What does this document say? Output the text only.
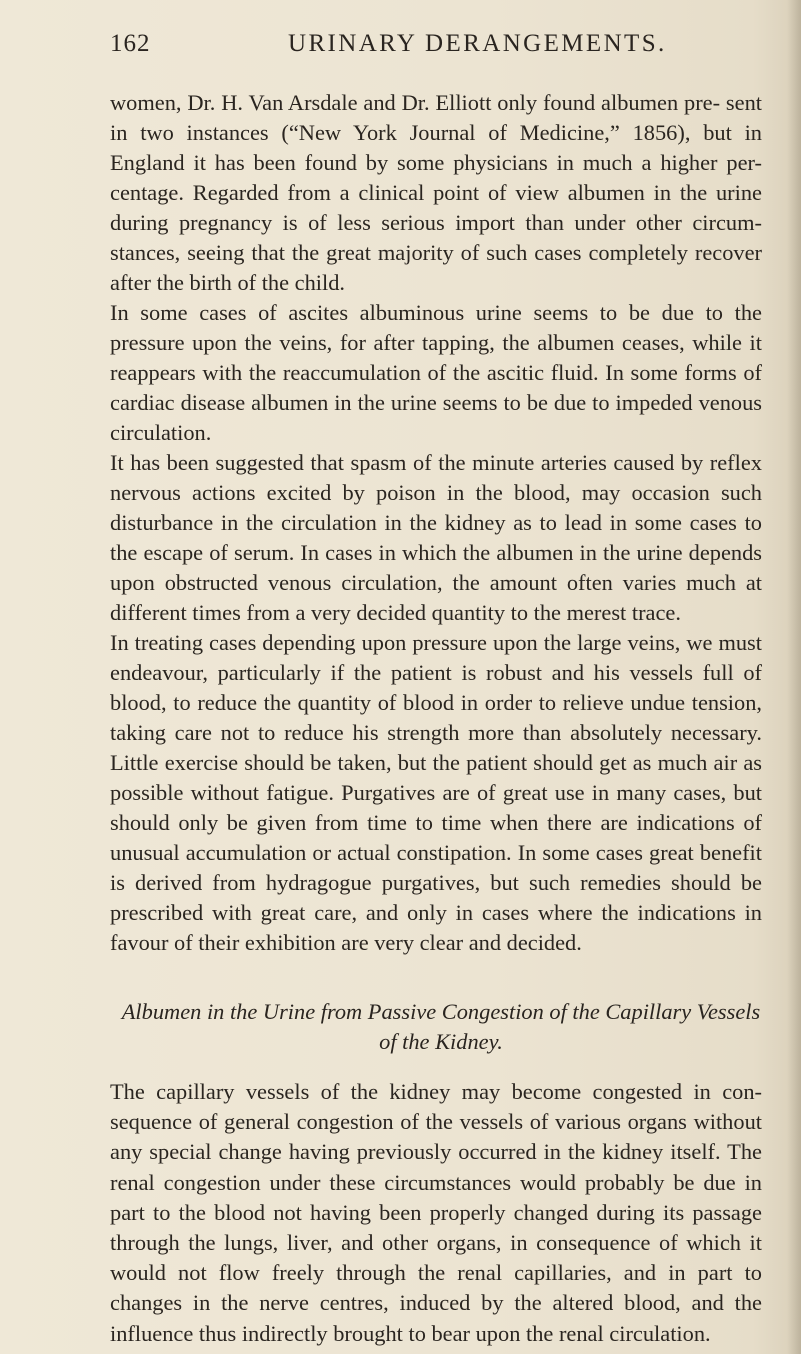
162	URINARY DERANGEMENTS.

women, Dr. H. Van Arsdale and Dr. Elliott only found albumen pre- sent in two instances (“New York Journal of Medicine,” 1856), but in England it has been found by some physicians in much a higher per- centage. Regarded from a clinical point of view albumen in the urine during pregnancy is of less serious import than under other circum- stances, seeing that the great majority of such cases completely recover after the birth of the child.

In some cases of ascites albuminous urine seems to be due to the pressure upon the veins, for after tapping, the albumen ceases, while it reappears with the reaccumulation of the ascitic fluid. In some forms of cardiac disease albumen in the urine seems to be due to impeded venous circulation.

It has been suggested that spasm of the minute arteries caused by reflex nervous actions excited by poison in the blood, may occasion such disturbance in the circulation in the kidney as to lead in some cases to the escape of serum. In cases in which the albumen in the urine depends upon obstructed venous circulation, the amount often varies much at different times from a very decided quantity to the merest trace.

In treating cases depending upon pressure upon the large veins, we must endeavour, particularly if the patient is robust and his vessels full of blood, to reduce the quantity of blood in order to relieve undue tension, taking care not to reduce his strength more than absolutely necessary. Little exercise should be taken, but the patient should get as much air as possible without fatigue. Purgatives are of great use in many cases, but should only be given from time to time when there are indications of unusual accumulation or actual constipation. In some cases great benefit is derived from hydragogue purgatives, but such remedies should be prescribed with great care, and only in cases where the indications in favour of their exhibition are very clear and decided.

Albumen in the Urine from Passive Congestion of the Capillary Vessels
of the Kidney.

The capillary vessels of the kidney may become congested in con- sequence of general congestion of the vessels of various organs without any special change having previously occurred in the kidney itself. The renal congestion under these circumstances would probably be due in part to the blood not having been properly changed during its passage through the lungs, liver, and other organs, in consequence of which it would not flow freely through the renal capillaries, and in part to changes in the nerve centres, induced by the altered blood, and the influence thus indirectly brought to bear upon the renal circulation.
